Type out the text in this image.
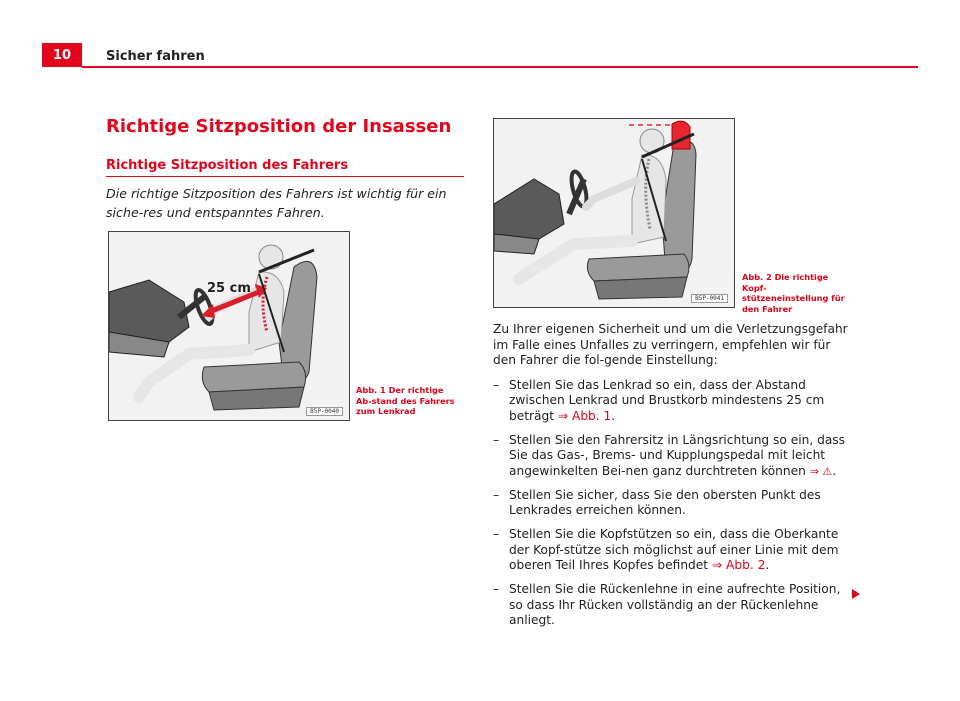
10	Sicher fahren
Richtige Sitzposition der Insassen
Richtige Sitzposition des Fahrers
Die richtige Sitzposition des Fahrers ist wichtig für ein siche-res und entspanntes Fahren.
25 cm
B5P-0040
Abb. 1 Der richtige Ab-stand des Fahrers zum Lenkrad
B5P-0041
Abb. 2 Die richtige Kopf-stützeneinstellung für den Fahrer

Zu Ihrer eigenen Sicherheit und um die Verletzungsgefahr im Falle eines Unfalles zu verringern, empfehlen wir für den Fahrer die fol-gende Einstellung:

– Stellen Sie das Lenkrad so ein, dass der Abstand zwischen Lenkrad und Brustkorb mindestens 25 cm beträgt ⇒ Abb. 1.
– Stellen Sie den Fahrersitz in Längsrichtung so ein, dass Sie das Gas-, Brems- und Kupplungspedal mit leicht angewinkelten Bei-nen ganz durchtreten können ⇒ ⚠.
– Stellen Sie sicher, dass Sie den obersten Punkt des Lenkrades erreichen können.
– Stellen Sie die Kopfstützen so ein, dass die Oberkante der Kopf-stütze sich möglichst auf einer Linie mit dem oberen Teil Ihres Kopfes befindet ⇒ Abb. 2.
– Stellen Sie die Rückenlehne in eine aufrechte Position, so dass Ihr Rücken vollständig an der Rückenlehne anliegt.
